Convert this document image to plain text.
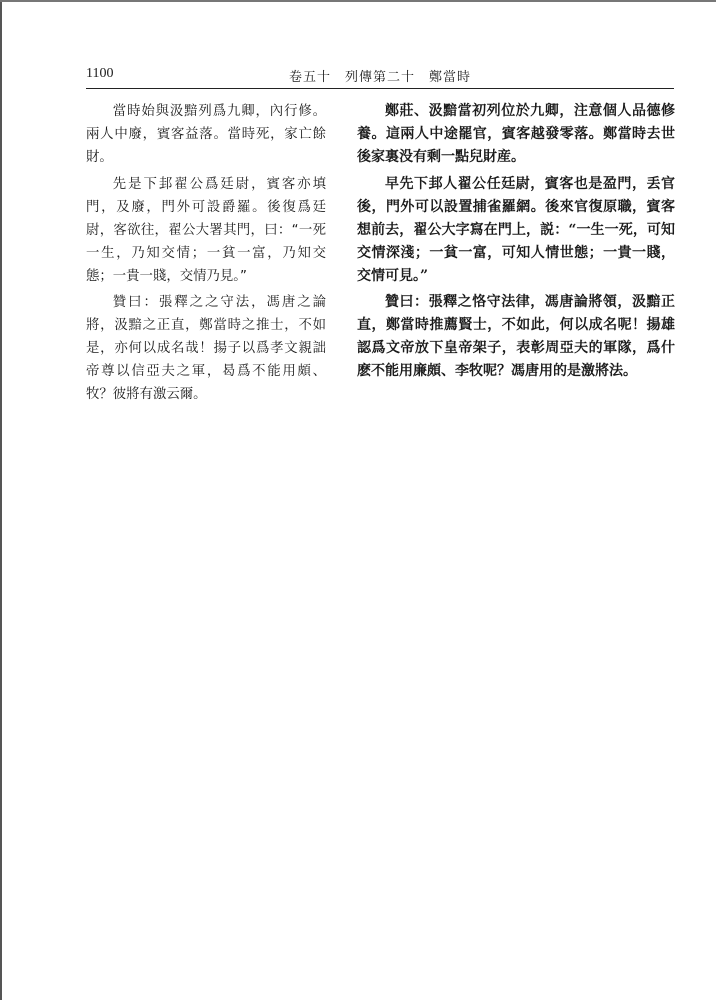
1100	卷五十　列傳第二十　鄭當時

當時始與汲黯列爲九卿，內行修。兩人中廢，賓客益落。當時死，家亡餘財。

先是下邽翟公爲廷尉，賓客亦填門，及廢，門外可設爵羅。後復爲廷尉，客欲往，翟公大署其門，曰：“一死一生，乃知交情；一貧一富，乃知交態；一貴一賤，交情乃見。”

贊曰：張釋之之守法，馮唐之論將，汲黯之正直，鄭當時之推士，不如是，亦何以成名哉！揚子以爲孝文親詘帝尊以信亞夫之軍，曷爲不能用頗、牧？彼將有激云爾。

鄭莊、汲黯當初列位於九卿，注意個人品德修養。這兩人中途罷官，賓客越發零落。鄭當時去世後家裏没有剩一點兒財産。

早先下邽人翟公任廷尉，賓客也是盈門，丢官後，門外可以設置捕雀羅網。後來官復原職，賓客想前去，翟公大字寫在門上，説：“一生一死，可知交情深淺；一貧一富，可知人情世態；一貴一賤，交情可見。”

贊曰：張釋之恪守法律，馮唐論將領，汲黯正直，鄭當時推薦賢士，不如此，何以成名呢！揚雄認爲文帝放下皇帝架子，表彰周亞夫的軍隊，爲什麽不能用廉頗、李牧呢？馮唐用的是激將法。
